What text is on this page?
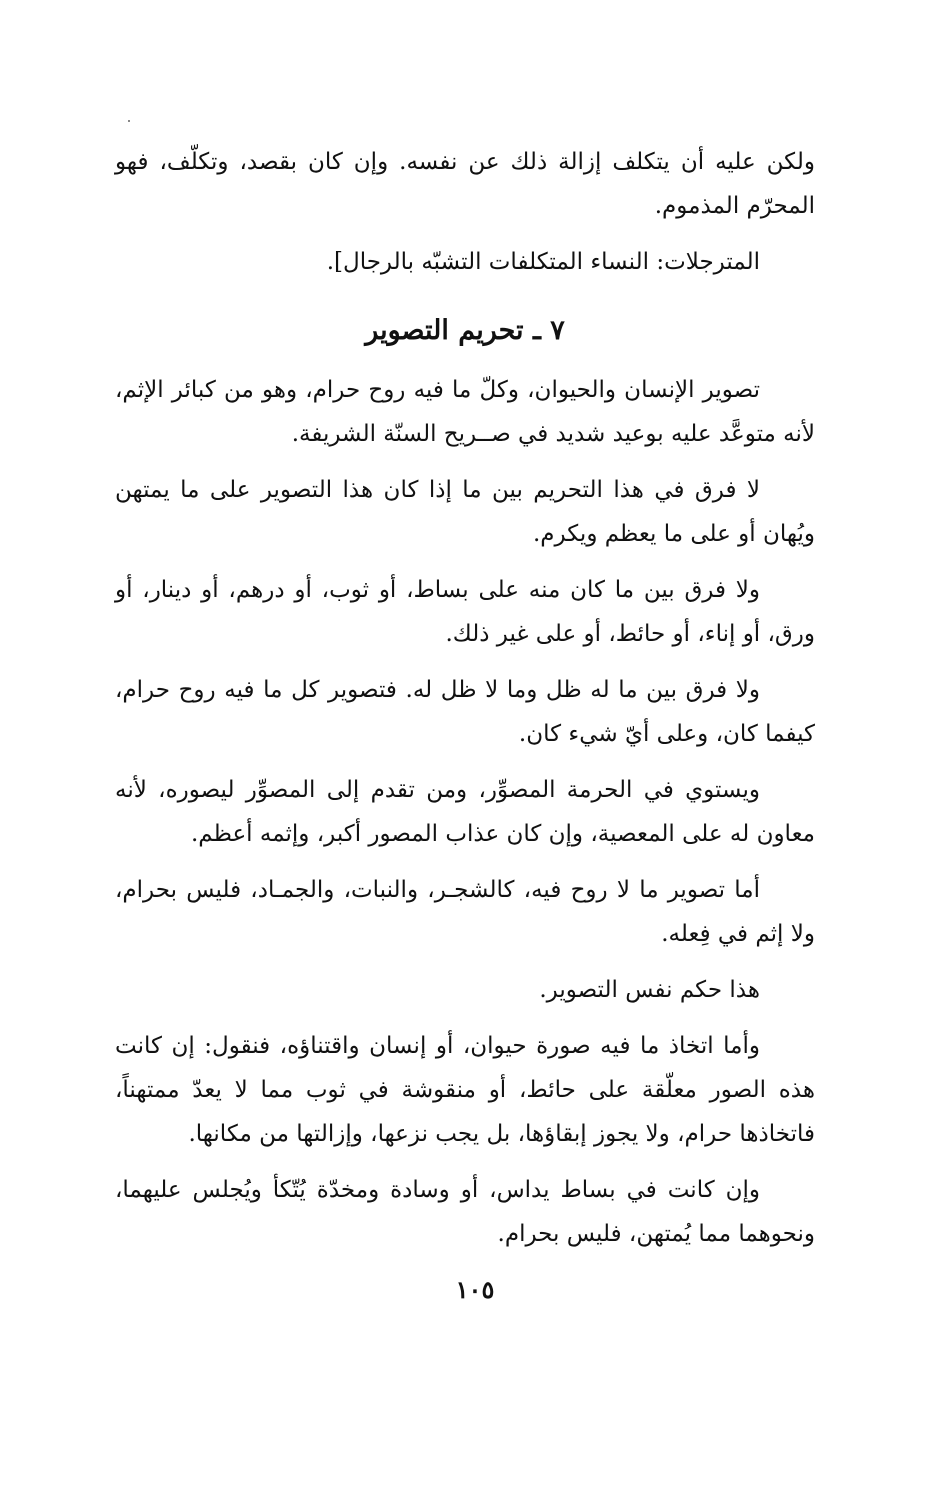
ولكن عليه أن يتكلف إزالة ذلك عن نفسه. وإن كان بقصد، وتكلّف، فهو المحرّم المذموم.

المترجلات: النساء المتكلفات التشبّه بالرجال].

٧ ـ تحريم التصوير

تصوير الإنسان والحيوان، وكلّ ما فيه روح حرام، وهو من كبائر الإثم، لأنه متوعَّد عليه بوعيد شديد في صــريح السنّة الشريفة.

لا فرق في هذا التحريم بين ما إذا كان هذا التصوير على ما يمتهن ويُهان أو على ما يعظم ويكرم.

ولا فرق بين ما كان منه على بساط، أو ثوب، أو درهم، أو دينار، أو ورق، أو إناء، أو حائط، أو على غير ذلك.

ولا فرق بين ما له ظل وما لا ظل له. فتصوير كل ما فيه روح حرام، كيفما كان، وعلى أيّ شيء كان.

ويستوي في الحرمة المصوِّر، ومن تقدم إلى المصوِّر ليصوره، لأنه معاون له على المعصية، وإن كان عذاب المصور أكبر، وإثمه أعظم.

أما تصوير ما لا روح فيه، كالشجـر، والنبات، والجمـاد، فليس بحرام، ولا إثم في فِعله.

هذا حكم نفس التصوير.

وأما اتخاذ ما فيه صورة حيوان، أو إنسان واقتناؤه، فنقول: إن كانت هذه الصور معلّقة على حائط، أو منقوشة في ثوب مما لا يعدّ ممتهناً، فاتخاذها حرام، ولا يجوز إبقاؤها، بل يجب نزعها، وإزالتها من مكانها.

وإن كانت في بساط يداس، أو وسادة ومخدّة يُتّكأ ويُجلس عليهما، ونحوهما مما يُمتهن، فليس بحرام.

١٠٥
